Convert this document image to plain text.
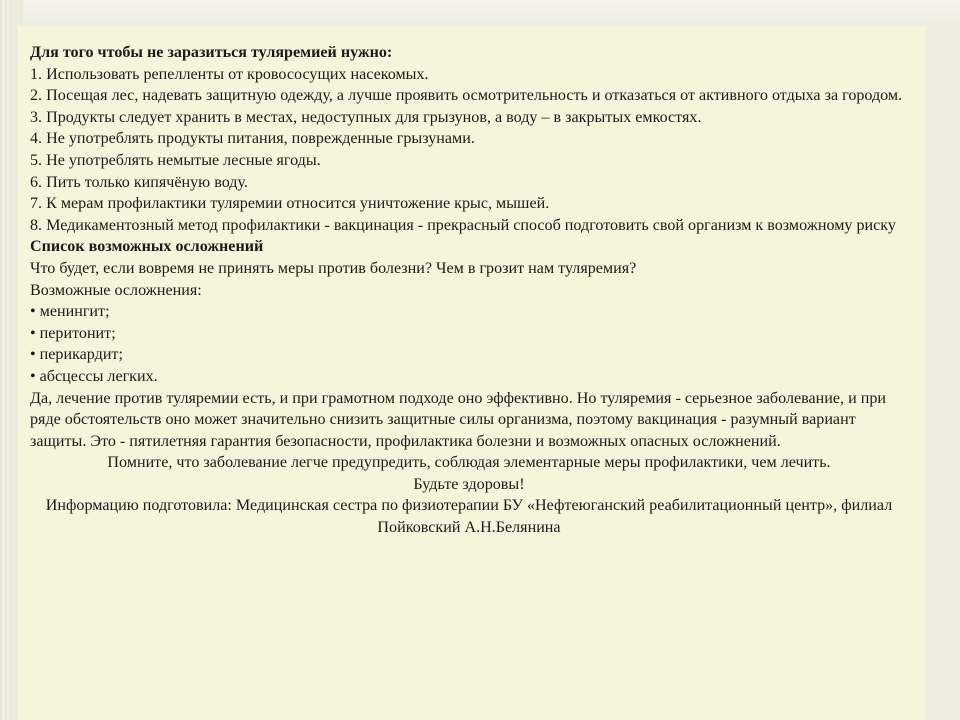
Для того чтобы не заразиться туляремией нужно:

1. Использовать репелленты от кровососущих насекомых.

2. Посещая лес, надевать защитную одежду, а лучше проявить осмотрительность и отказаться от активного отдыха за городом.

3. Продукты следует хранить в местах, недоступных для грызунов, а воду – в закрытых емкостях.

4. Не употреблять продукты питания, поврежденные грызунами.

5. Не употреблять немытые лесные ягоды.

6. Пить только кипячёную воду.

7. К мерам профилактики туляремии относится уничтожение крыс, мышей.

8. Медикаментозный метод профилактики - вакцинация - прекрасный способ подготовить свой организм к возможному риску

Список возможных осложнений

Что будет, если вовремя не принять меры против болезни? Чем в грозит нам туляремия?

Возможные осложнения:

• менингит;

• перитонит;

• перикардит;

• абсцессы легких.

Да, лечение против туляремии есть, и при грамотном подходе оно эффективно. Но туляремия - серьезное заболевание, и при ряде обстоятельств оно может значительно снизить защитные силы организма, поэтому вакцинация - разумный вариант защиты. Это - пятилетняя гарантия безопасности, профилактика болезни и возможных опасных осложнений.

Помните, что заболевание легче предупредить, соблюдая элементарные меры профилактики, чем лечить.

Будьте здоровы!

Информацию подготовила: Медицинская сестра по физиотерапии БУ «Нефтеюганский реабилитационный центр», филиал Пойковский А.Н.Белянина
